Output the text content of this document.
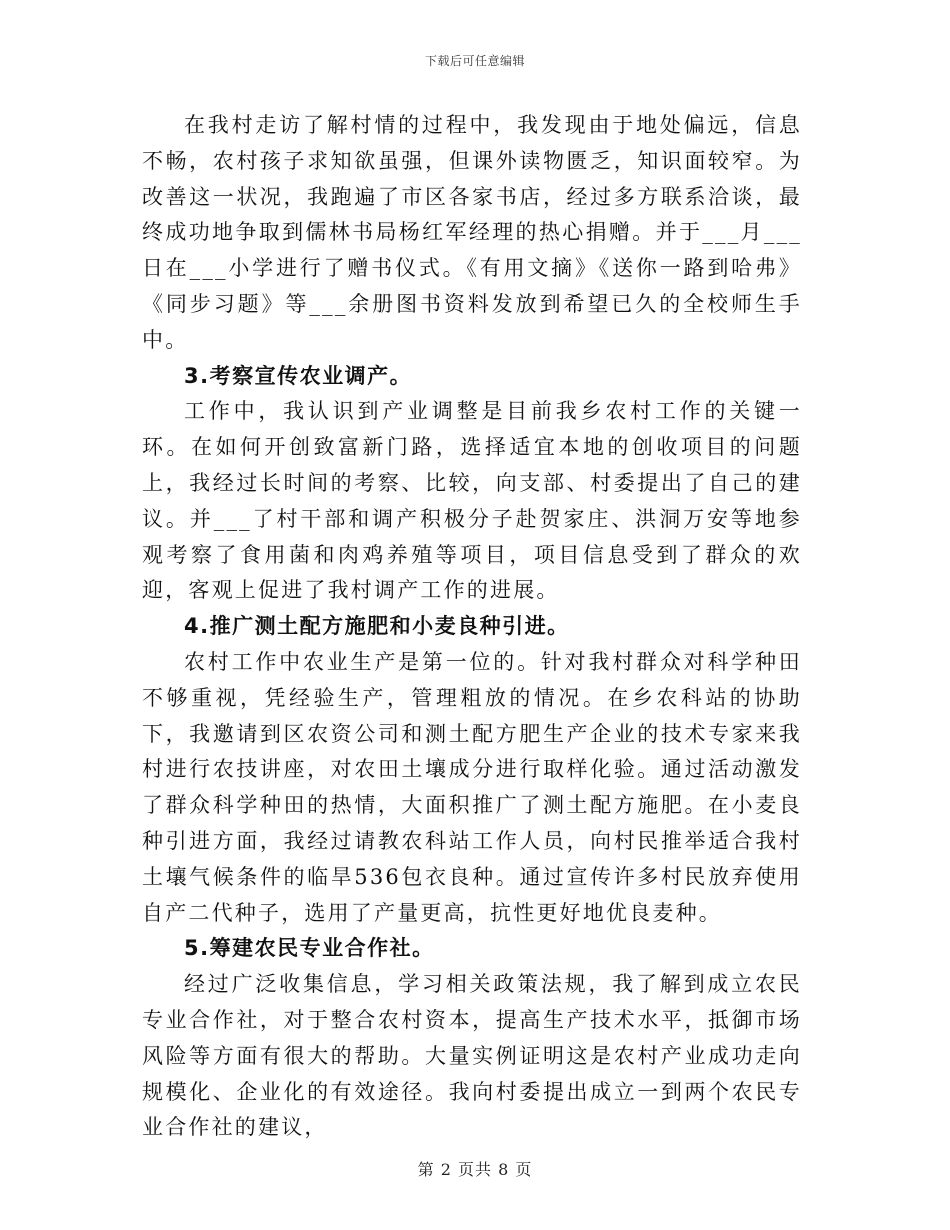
下载后可任意编辑

在我村走访了解村情的过程中，我发现由于地处偏远，信息不畅，农村孩子求知欲虽强，但课外读物匮乏，知识面较窄。为改善这一状况，我跑遍了市区各家书店，经过多方联系洽谈，最终成功地争取到儒林书局杨红军经理的热心捐赠。并于___月___日在___小学进行了赠书仪式。《有用文摘》《送你一路到哈弗》《同步习题》等___余册图书资料发放到希望已久的全校师生手中。

3.考察宣传农业调产。

工作中，我认识到产业调整是目前我乡农村工作的关键一环。在如何开创致富新门路，选择适宜本地的创收项目的问题上，我经过长时间的考察、比较，向支部、村委提出了自己的建议。并___了村干部和调产积极分子赴贺家庄、洪洞万安等地参观考察了食用菌和肉鸡养殖等项目，项目信息受到了群众的欢迎，客观上促进了我村调产工作的进展。

4.推广测土配方施肥和小麦良种引进。

农村工作中农业生产是第一位的。针对我村群众对科学种田不够重视，凭经验生产，管理粗放的情况。在乡农科站的协助下，我邀请到区农资公司和测土配方肥生产企业的技术专家来我村进行农技讲座，对农田土壤成分进行取样化验。通过活动激发了群众科学种田的热情，大面积推广了测土配方施肥。在小麦良种引进方面，我经过请教农科站工作人员，向村民推举适合我村土壤气候条件的临旱536包衣良种。通过宣传许多村民放弃使用自产二代种子，选用了产量更高，抗性更好地优良麦种。

5.筹建农民专业合作社。

经过广泛收集信息，学习相关政策法规，我了解到成立农民专业合作社，对于整合农村资本，提高生产技术水平，抵御市场风险等方面有很大的帮助。大量实例证明这是农村产业成功走向规模化、企业化的有效途径。我向村委提出成立一到两个农民专业合作社的建议，

第 2 页共 8 页
